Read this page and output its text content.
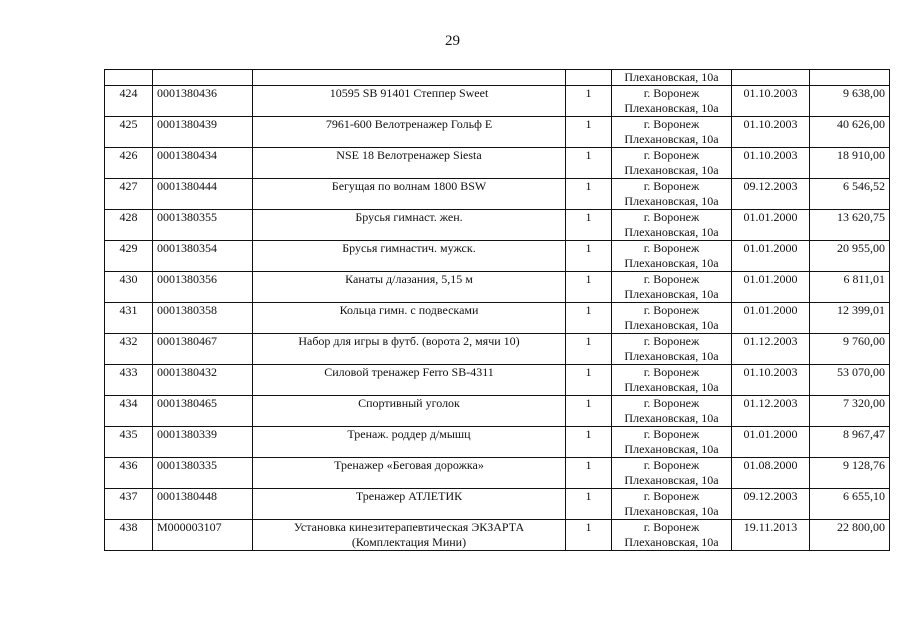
29
				Плехановская, 10а		

424	0001380436	10595 SB 91401 Степпер Sweet	1	г. Воронеж
Плехановская, 10а	01.10.2003	9 638,00

425	0001380439	7961-600 Велотренажер Гольф Е	1	г. Воронеж
Плехановская, 10а	01.10.2003	40 626,00

426	0001380434	NSE 18 Велотренажер Siesta	1	г. Воронеж
Плехановская, 10а	01.10.2003	18 910,00

427	0001380444	Бегущая по волнам 1800 BSW	1	г. Воронеж
Плехановская, 10а	09.12.2003	6 546,52

428	0001380355	Брусья гимнаст. жен.	1	г. Воронеж
Плехановская, 10а	01.01.2000	13 620,75

429	0001380354	Брусья гимнастич. мужск.	1	г. Воронеж
Плехановская, 10а	01.01.2000	20 955,00

430	0001380356	Канаты д/лазания, 5,15 м	1	г. Воронеж
Плехановская, 10а	01.01.2000	6 811,01

431	0001380358	Кольца гимн. с подвесками	1	г. Воронеж
Плехановская, 10а	01.01.2000	12 399,01

432	0001380467	Набор для игры в футб. (ворота 2, мячи 10)	1	г. Воронеж
Плехановская, 10а	01.12.2003	9 760,00

433	0001380432	Силовой тренажер Ferro SB-4311	1	г. Воронеж
Плехановская, 10а	01.10.2003	53 070,00

434	0001380465	Спортивный уголок	1	г. Воронеж
Плехановская, 10а	01.12.2003	7 320,00

435	0001380339	Тренаж. роддер д/мышц	1	г. Воронеж
Плехановская, 10а	01.01.2000	8 967,47

436	0001380335	Тренажер «Беговая дорожка»	1	г. Воронеж
Плехановская, 10а	01.08.2000	9 128,76

437	0001380448	Тренажер АТЛЕТИК	1	г. Воронеж
Плехановская, 10а	09.12.2003	6 655,10

438	М000003107	Установка кинезитерапевтическая ЭКЗАРТА
(Комплектация Мини)	1	г. Воронеж
Плехановская, 10а	19.11.2013	22 800,00
